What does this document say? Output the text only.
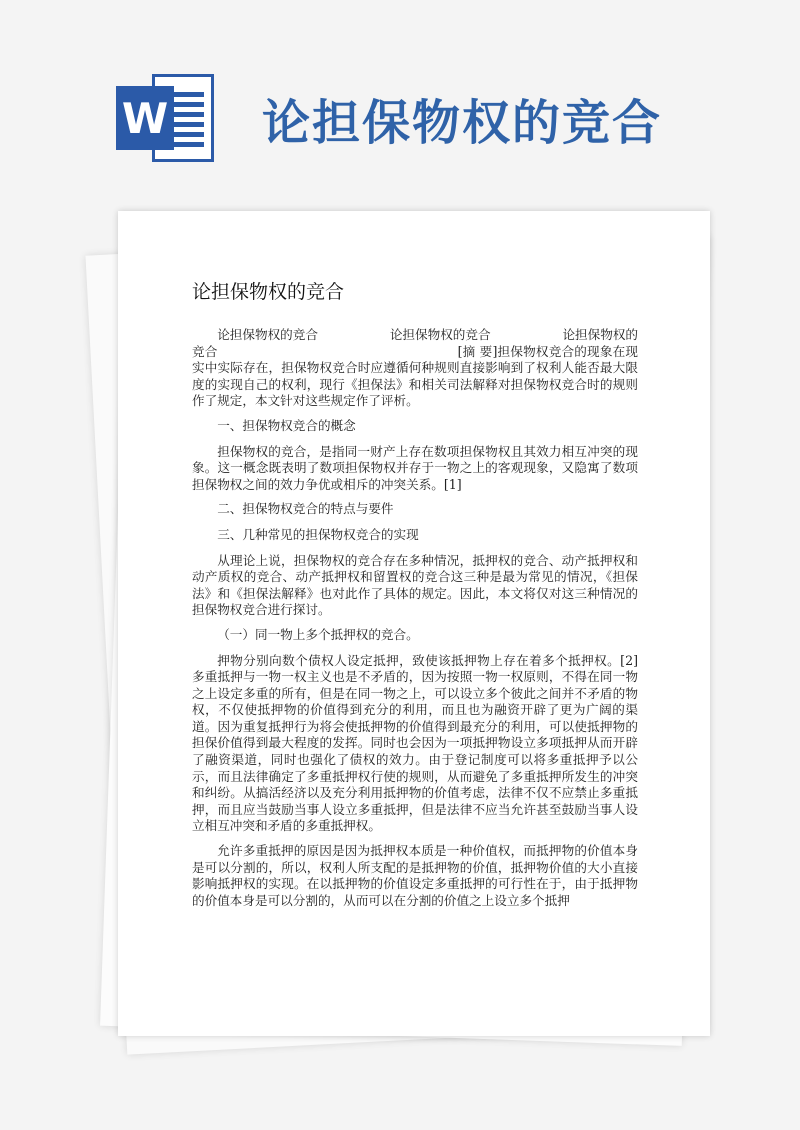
W 论担保物权的竞合
论担保物权的竞合
论担保物权的竞合	论担保物权的竞合	论担保物权的

竞合	[摘 要]担保物权竞合的现象在现实中实际存在，担保物权竞合时应遵循何种规则直接影响到了权利人能否最大限度的实现自己的权利，现行《担保法》和相关司法解释对担保物权竞合时的规则作了规定，本文针对这些规定作了评析。

一、担保物权竞合的概念

担保物权的竞合，是指同一财产上存在数项担保物权且其效力相互冲突的现象。这一概念既表明了数项担保物权并存于一物之上的客观现象，又隐寓了数项担保物权之间的效力争优或相斥的冲突关系。[1]

二、担保物权竞合的特点与要件

三、几种常见的担保物权竞合的实现

从理论上说，担保物权的竞合存在多种情况，抵押权的竞合、动产抵押权和动产质权的竞合、动产抵押权和留置权的竞合这三种是最为常见的情况，《担保法》和《担保法解释》也对此作了具体的规定。因此，本文将仅对这三种情况的担保物权竞合进行探讨。

（一）同一物上多个抵押权的竞合。

押物分别向数个债权人设定抵押，致使该抵押物上存在着多个抵押权。[2]多重抵押与一物一权主义也是不矛盾的，因为按照一物一权原则，不得在同一物之上设定多重的所有，但是在同一物之上，可以设立多个彼此之间并不矛盾的物权，不仅使抵押物的价值得到充分的利用，而且也为融资开辟了更为广阔的渠道。因为重复抵押行为将会使抵押物的价值得到最充分的利用，可以使抵押物的担保价值得到最大程度的发挥。同时也会因为一项抵押物设立多项抵押从而开辟了融资渠道，同时也强化了债权的效力。由于登记制度可以将多重抵押予以公示，而且法律确定了多重抵押权行使的规则，从而避免了多重抵押所发生的冲突和纠纷。从搞活经济以及充分利用抵押物的价值考虑，法律不仅不应禁止多重抵押，而且应当鼓励当事人设立多重抵押，但是法律不应当允许甚至鼓励当事人设立相互冲突和矛盾的多重抵押权。

允许多重抵押的原因是因为抵押权本质是一种价值权，而抵押物的价值本身是可以分割的，所以，权利人所支配的是抵押物的价值，抵押物价值的大小直接影响抵押权的实现。在以抵押物的价值设定多重抵押的可行性在于，由于抵押物的价值本身是可以分割的，从而可以在分割的价值之上设立多个抵押
